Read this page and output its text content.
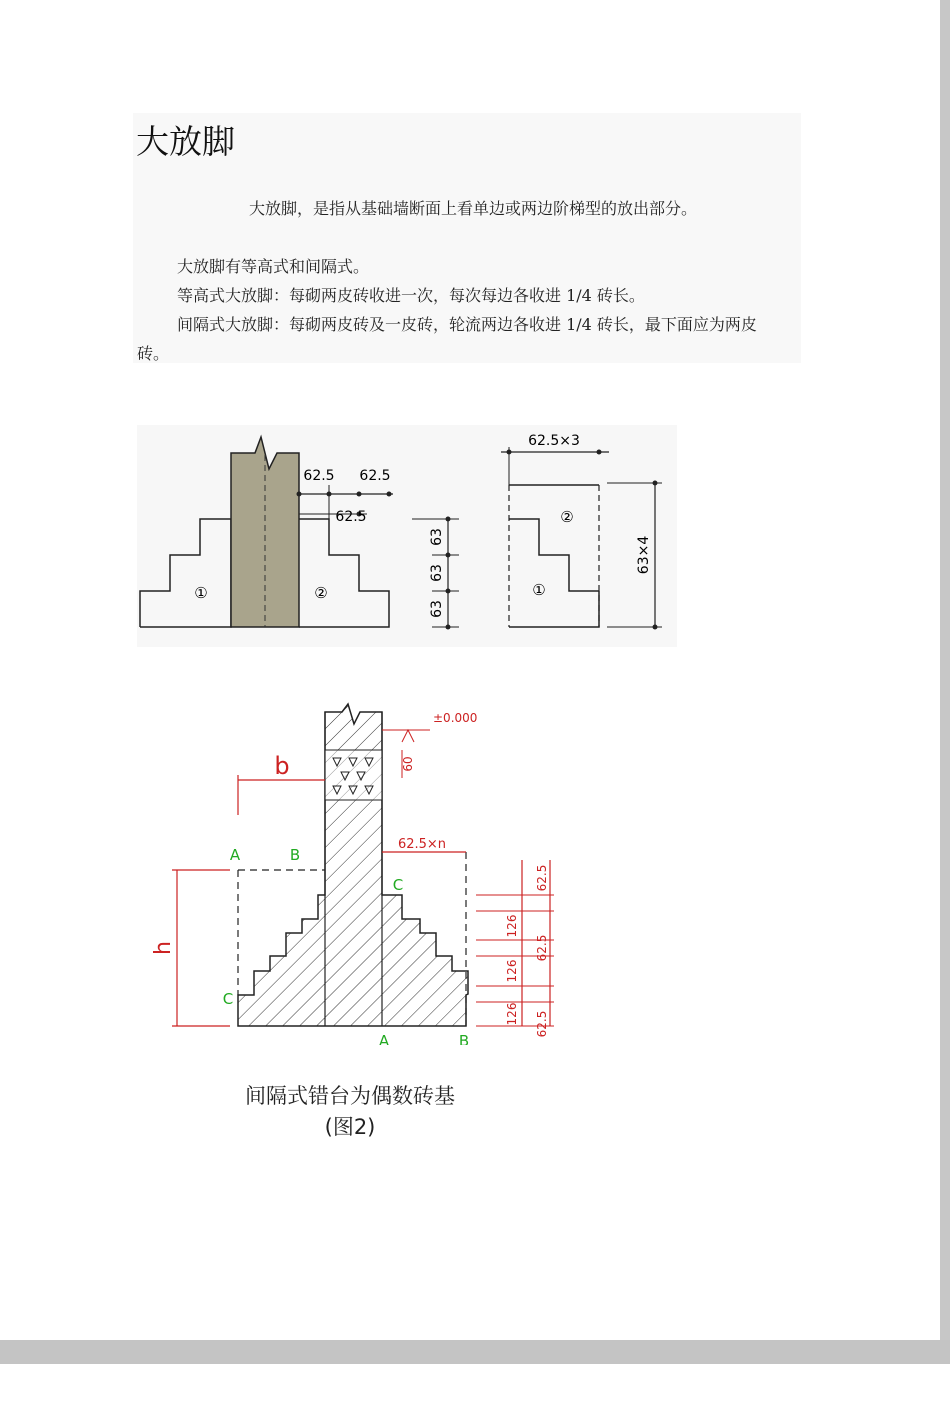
大放脚

大放脚，是指从基础墙断面上看单边或两边阶梯型的放出部分。

大放脚有等高式和间隔式。

等高式大放脚：每砌两皮砖收进一次，每次每边各收进 1/4 砖长。

间隔式大放脚：每砌两皮砖及一皮砖，轮流两边各收进 1/4 砖长，最下面应为两皮砖。

①	②
62.5 62.5
62.5
63
63
63
62.5×3
②
①
63×4
b
h
±0.000
60
62.5×n
62.5
126
62.5
126
126 62.5
A	B
C
C
A	B
间隔式错台为偶数砖基
(图2)
